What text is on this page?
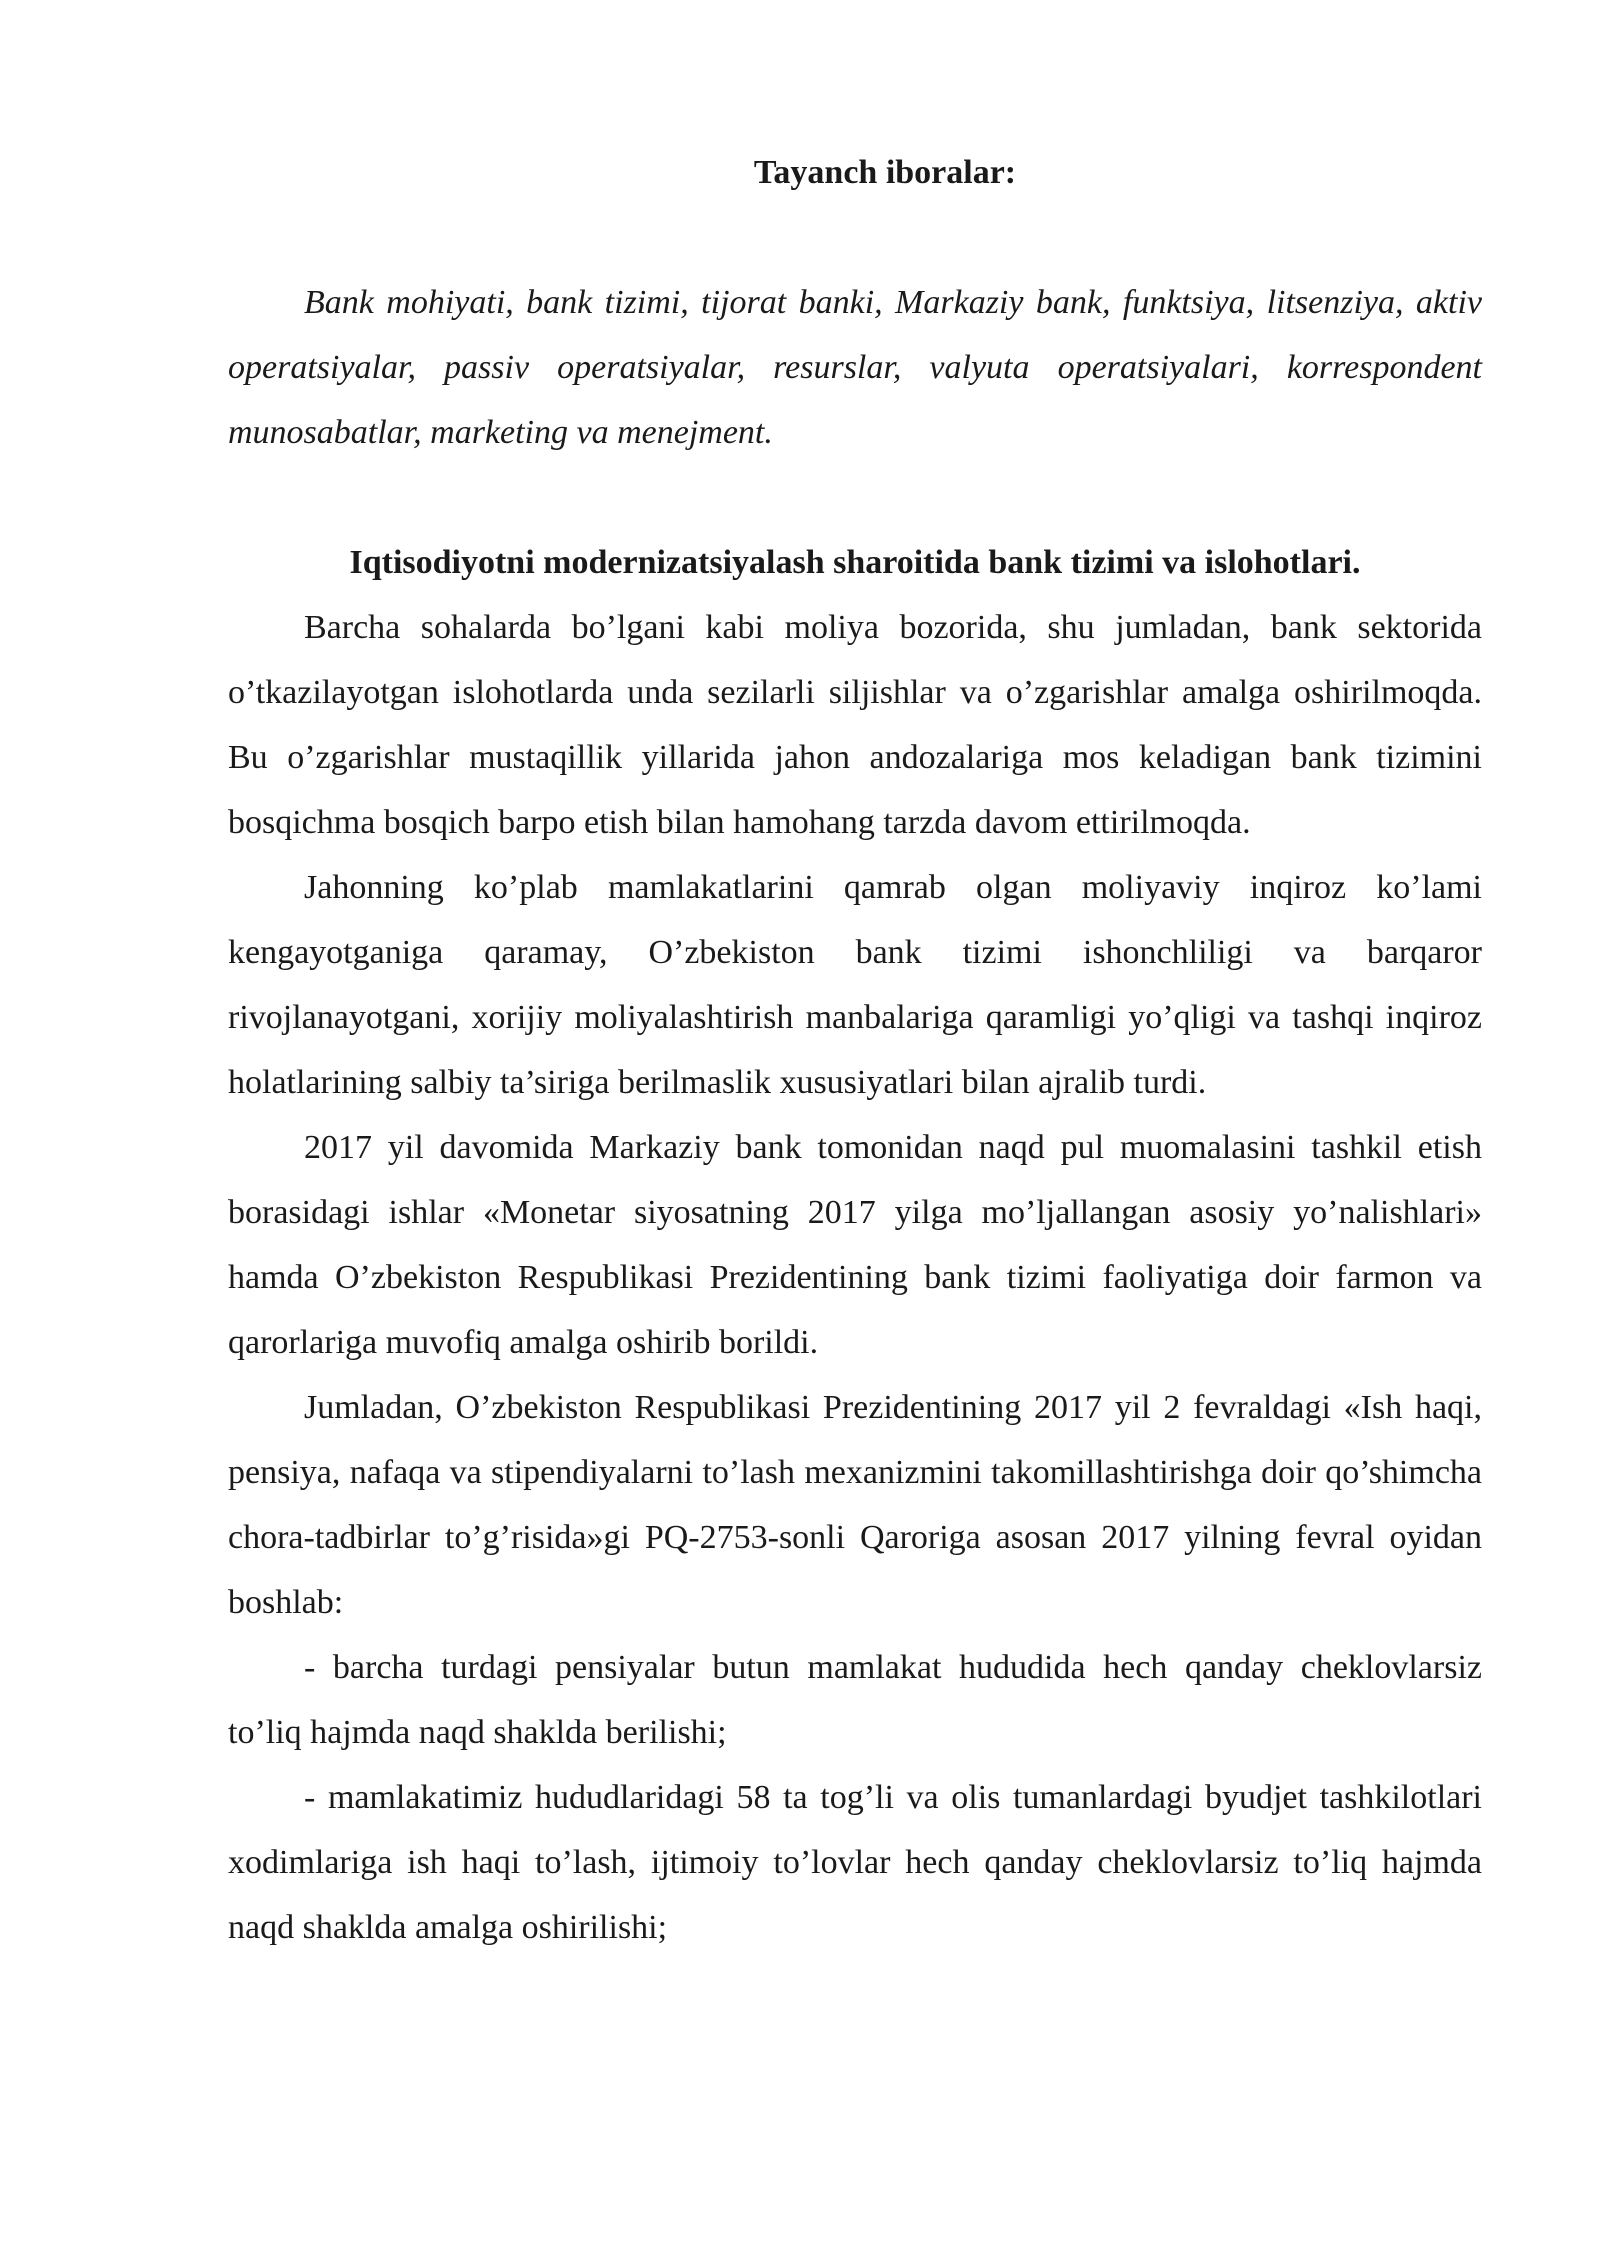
Tayanch iboralar:

Bank mohiyati, bank tizimi, tijorat banki, Markaziy bank, funktsiya, litsenziya, aktiv operatsiyalar, passiv operatsiyalar, resurslar, valyuta operatsiyalari, korrespondent munosabatlar, marketing va menejment.

Iqtisodiyotni modernizatsiyalash sharoitida bank tizimi va islohotlari.

Barcha sohalarda bo’lgani kabi moliya bozorida, shu jumladan, bank sektorida o’tkazilayotgan islohotlarda unda sezilarli siljishlar va o’zgarishlar amalga oshirilmoqda. Bu o’zgarishlar mustaqillik yillarida jahon andozalariga mos keladigan bank tizimini bosqichma bosqich barpo etish bilan hamohang tarzda davom ettirilmoqda.

Jahonning ko’plab mamlakatlarini qamrab olgan moliyaviy inqiroz ko’lami kengayotganiga qaramay, O’zbekiston bank tizimi ishonchliligi va barqaror rivojlanayotgani, xorijiy moliyalashtirish manbalariga qaramligi yo’qligi va tashqi inqiroz holatlarining salbiy ta’siriga berilmaslik xususiyatlari bilan ajralib turdi.

2017 yil davomida Markaziy bank tomonidan naqd pul muomalasini tashkil etish borasidagi ishlar «Monetar siyosatning 2017 yilga mo’ljallangan asosiy yo’nalishlari» hamda O’zbekiston Respublikasi Prezidentining bank tizimi faoliyatiga doir farmon va qarorlariga muvofiq amalga oshirib borildi.

Jumladan, O’zbekiston Respublikasi Prezidentining 2017 yil 2 fevraldagi «Ish haqi, pensiya, nafaqa va stipendiyalarni to’lash mexanizmini takomillashtirishga doir qo’shimcha chora-tadbirlar to’g’risida»gi PQ-2753-sonli Qaroriga asosan 2017 yilning fevral oyidan boshlab:

- barcha turdagi pensiyalar butun mamlakat hududida hech qanday cheklovlarsiz to’liq hajmda naqd shaklda berilishi;

- mamlakatimiz hududlaridagi 58 ta tog’li va olis tumanlardagi byudjet tashkilotlari xodimlariga ish haqi to’lash, ijtimoiy to’lovlar hech qanday cheklovlarsiz to’liq hajmda naqd shaklda amalga oshirilishi;
